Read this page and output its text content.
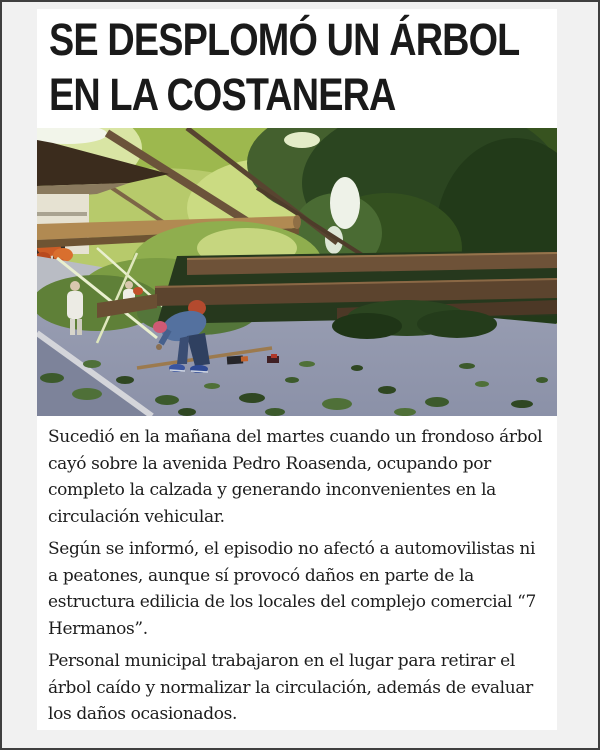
SE DESPLOMÓ UN ÁRBOL
EN LA COSTANERA

Sucedió en la mañana del martes cuando un frondoso árbol cayó sobre la avenida Pedro Roasenda, ocupando por completo la calzada y generando inconvenientes en la circulación vehicular.

Según se informó, el episodio no afectó a automovilistas ni a peatones, aunque sí provocó daños en parte de la estructura edilicia de los locales del complejo comercial “7 Hermanos”.

Personal municipal trabajaron en el lugar para retirar el árbol caído y normalizar la circulación, además de evaluar los daños ocasionados.
